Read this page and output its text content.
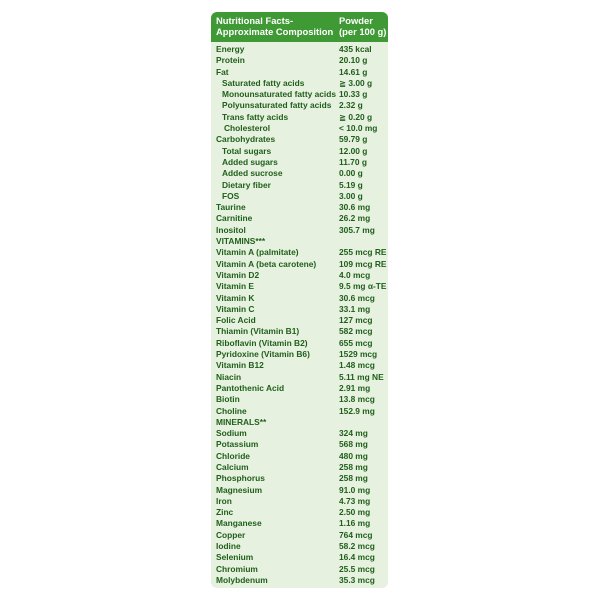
Nutritional Facts-
Approximate Composition
Powder
(per 100 g)
Energy	435 kcal
Protein	20.10 g
Fat	14.61 g
Saturated fatty acids	≧ 3.00 g
Monounsaturated fatty acids 10.33 g
Polyunsaturated fatty acids 2.32 g
Trans fatty acids	≧ 0.20 g
Cholesterol	< 10.0 mg
Carbohydrates	59.79 g
Total sugars	12.00 g
Added sugars	11.70 g
Added sucrose	0.00 g
Dietary fiber	5.19 g
FOS	3.00 g
Taurine	30.6 mg
Carnitine	26.2 mg
Inositol	305.7 mg
VITAMINS***
Vitamin A (palmitate)	255 mcg RE
Vitamin A (beta carotene)	109 mcg RE
Vitamin D2	4.0 mcg
Vitamin E	9.5 mg α-TE
Vitamin K	30.6 mcg
Vitamin C	33.1 mg
Folic Acid	127 mcg
Thiamin (Vitamin B1)	582 mcg
Riboflavin (Vitamin B2)	655 mcg
Pyridoxine (Vitamin B6)	1529 mcg
Vitamin B12	1.48 mcg
Niacin	5.11 mg NE
Pantothenic Acid	2.91 mg
Biotin	13.8 mcg
Choline	152.9 mg
MINERALS**
Sodium	324 mg
Potassium	568 mg
Chloride	480 mg
Calcium	258 mg
Phosphorus	258 mg
Magnesium	91.0 mg
Iron	4.73 mg
Zinc	2.50 mg
Manganese	1.16 mg
Copper	764 mcg
Iodine	58.2 mcg
Selenium	16.4 mcg
Chromium	25.5 mcg
Molybdenum	35.3 mcg
